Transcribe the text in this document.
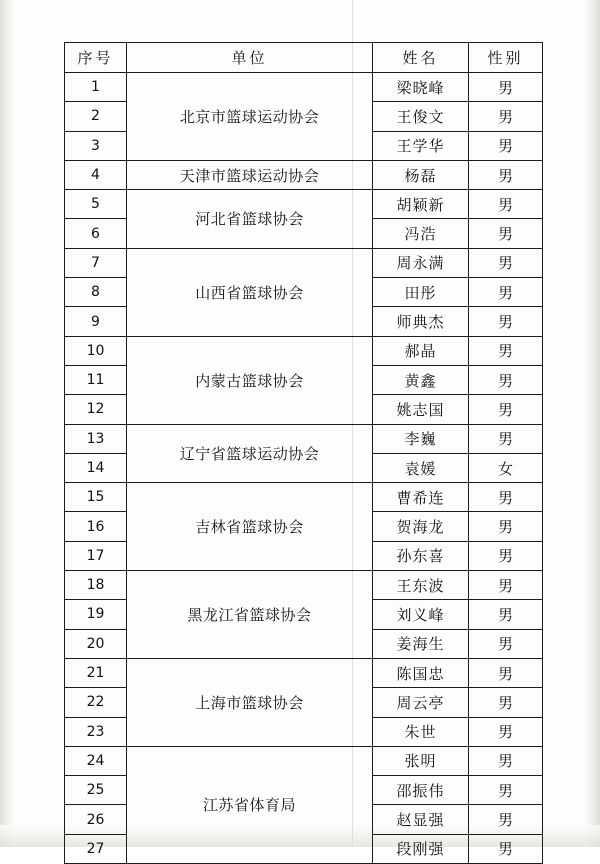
序号	单位	姓名	性别
1	北京市篮球运动协会	梁晓峰	男
2		王俊文	男
3		王学华	男
4	天津市篮球运动协会	杨磊	男
5	河北省篮球协会	胡颖新	男
6		冯浩	男
7	山西省篮球协会	周永满	男
8		田彤	男
9		师典杰	男
10	内蒙古篮球协会	郝晶	男
11		黄鑫	男
12		姚志国	男
13	辽宁省篮球运动协会	李巍	男
14		袁媛	女
15	吉林省篮球协会	曹希连	男
16		贺海龙	男
17		孙东喜	男
18	黑龙江省篮球协会	王东波	男
19		刘义峰	男
20		姜海生	男
21	上海市篮球协会	陈国忠	男
22		周云亭	男
23		朱世	男
24	江苏省体育局	张明	男
25		邵振伟	男
26		赵显强	男
27		段刚强	男
